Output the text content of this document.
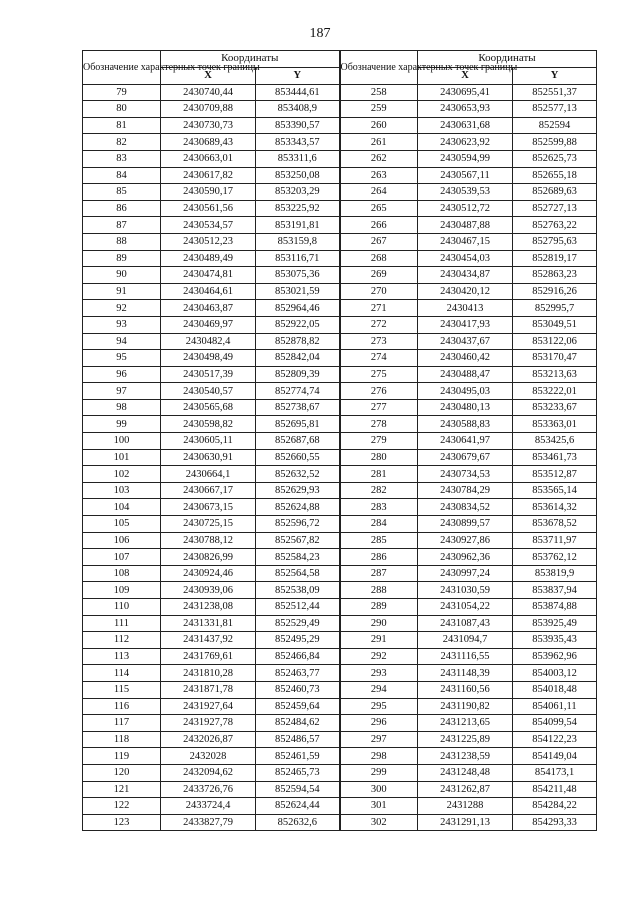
187
Обозначение характерных точек границы	Координаты		Обозначение характерных точек границы	Координаты	
	X	Y		X	Y
79	2430740,44	853444,61	258	2430695,41	852551,37
80	2430709,88	853408,9	259	2430653,93	852577,13
81	2430730,73	853390,57	260	2430631,68	852594
82	2430689,43	853343,57	261	2430623,92	852599,88
83	2430663,01	853311,6	262	2430594,99	852625,73
84	2430617,82	853250,08	263	2430567,11	852655,18
85	2430590,17	853203,29	264	2430539,53	852689,63
86	2430561,56	853225,92	265	2430512,72	852727,13
87	2430534,57	853191,81	266	2430487,88	852763,22
88	2430512,23	853159,8	267	2430467,15	852795,63
89	2430489,49	853116,71	268	2430454,03	852819,17
90	2430474,81	853075,36	269	2430434,87	852863,23
91	2430464,61	853021,59	270	2430420,12	852916,26
92	2430463,87	852964,46	271	2430413	852995,7
93	2430469,97	852922,05	272	2430417,93	853049,51
94	2430482,4	852878,82	273	2430437,67	853122,06
95	2430498,49	852842,04	274	2430460,42	853170,47
96	2430517,39	852809,39	275	2430488,47	853213,63
97	2430540,57	852774,74	276	2430495,03	853222,01
98	2430565,68	852738,67	277	2430480,13	853233,67
99	2430598,82	852695,81	278	2430588,83	853363,01
100	2430605,11	852687,68	279	2430641,97	853425,6
101	2430630,91	852660,55	280	2430679,67	853461,73
102	2430664,1	852632,52	281	2430734,53	853512,87
103	2430667,17	852629,93	282	2430784,29	853565,14
104	2430673,15	852624,88	283	2430834,52	853614,32
105	2430725,15	852596,72	284	2430899,57	853678,52
106	2430788,12	852567,82	285	2430927,86	853711,97
107	2430826,99	852584,23	286	2430962,36	853762,12
108	2430924,46	852564,58	287	2430997,24	853819,9
109	2430939,06	852538,09	288	2431030,59	853837,94
110	2431238,08	852512,44	289	2431054,22	853874,88
111	2431331,81	852529,49	290	2431087,43	853925,49
112	2431437,92	852495,29	291	2431094,7	853935,43
113	2431769,61	852466,84	292	2431116,55	853962,96
114	2431810,28	852463,77	293	2431148,39	854003,12
115	2431871,78	852460,73	294	2431160,56	854018,48
116	2431927,64	852459,64	295	2431190,82	854061,11
117	2431927,78	852484,62	296	2431213,65	854099,54
118	2432026,87	852486,57	297	2431225,89	854122,23
119	2432028	852461,59	298	2431238,59	854149,04
120	2432094,62	852465,73	299	2431248,48	854173,1
121	2433726,76	852594,54	300	2431262,87	854211,48
122	2433724,4	852624,44	301	2431288	854284,22
123	2433827,79	852632,6	302	2431291,13	854293,33
